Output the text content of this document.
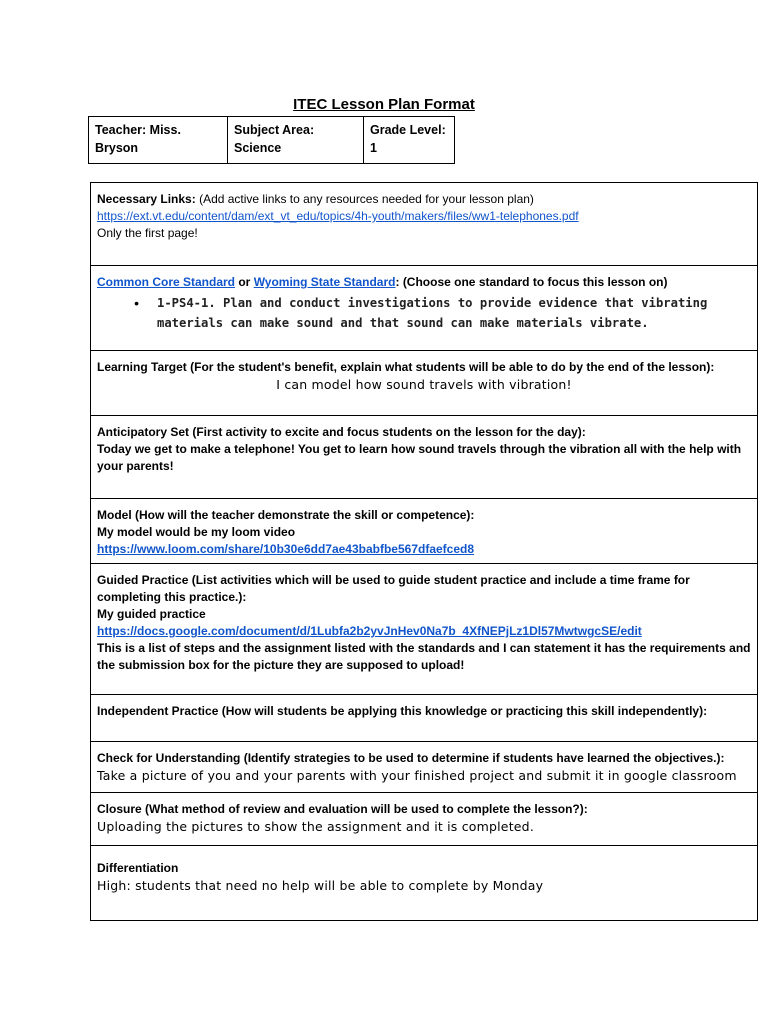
ITEC Lesson Plan Format
Teacher: Miss. Bryson	Subject Area: Science	Grade Level: 1
Necessary Links: (Add active links to any resources needed for your lesson plan)
https://ext.vt.edu/content/dam/ext_vt_edu/topics/4h-youth/makers/files/ww1-telephones.pdf
Only the first page!

Common Core Standard or Wyoming State Standard: (Choose one standard to focus this lesson on)
•	1-PS4-1. Plan and conduct investigations to provide evidence that vibrating materials can make sound and that sound can make materials vibrate.

Learning Target (For the student's benefit, explain what students will be able to do by the end of the lesson):
I can model how sound travels with vibration!

Anticipatory Set (First activity to excite and focus students on the lesson for the day):
Today we get to make a telephone! You get to learn how sound travels through the vibration all with the help with your parents!

Model (How will the teacher demonstrate the skill or competence):
My model would be my loom video
https://www.loom.com/share/10b30e6dd7ae43babfbe567dfaefced8

Guided Practice (List activities which will be used to guide student practice and include a time frame for completing this practice.):
My guided practice
https://docs.google.com/document/d/1Lubfa2b2yvJnHev0Na7b_4XfNEPjLz1Dl57MwtwgcSE/edit
This is a list of steps and the assignment listed with the standards and I can statement it has the requirements and the submission box for the picture they are supposed to upload!

Independent Practice (How will students be applying this knowledge or practicing this skill independently):

Check for Understanding (Identify strategies to be used to determine if students have learned the objectives.):
Take a picture of you and your parents with your finished project and submit it in google classroom

Closure (What method of review and evaluation will be used to complete the lesson?):
Uploading the pictures to show the assignment and it is completed.

Differentiation
High: students that need no help will be able to complete by Monday
